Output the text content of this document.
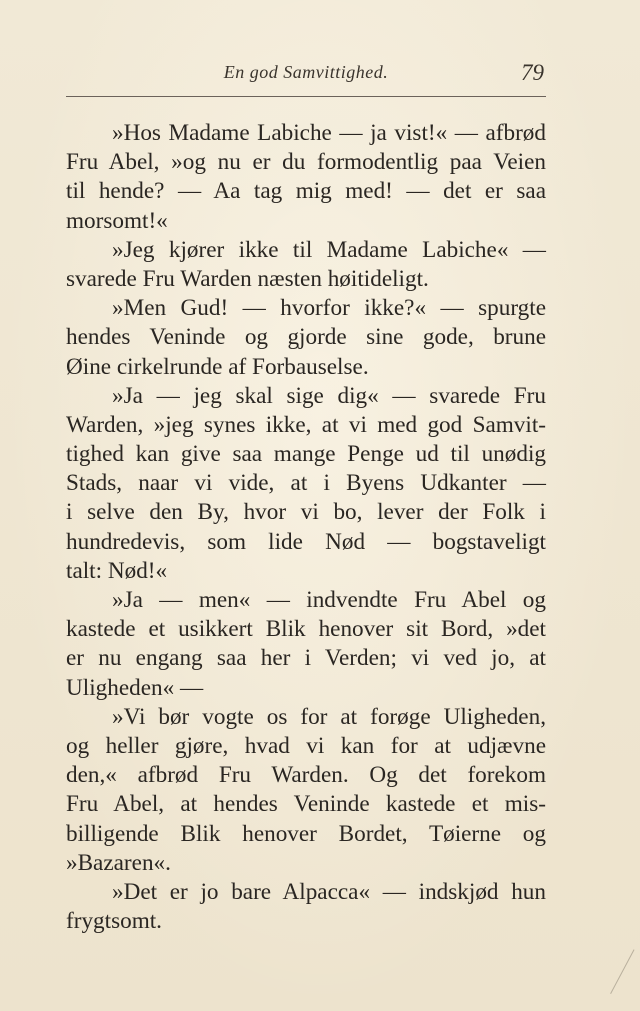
En god Samvittighed.	79
»Hos Madame Labiche — ja vist!« — afbrød
Fru Abel, »og nu er du formodentlig paa Veien
til hende? — Aa tag mig med! — det er saa
morsomt!«
»Jeg kjører ikke til Madame Labiche« —
svarede Fru Warden næsten høitideligt.
»Men Gud! — hvorfor ikke?« — spurgte
hendes Veninde og gjorde sine gode, brune
Øine cirkelrunde af Forbauselse.
»Ja — jeg skal sige dig« — svarede Fru
Warden, »jeg synes ikke, at vi med god Samvit-
tighed kan give saa mange Penge ud til unødig
Stads, naar vi vide, at i Byens Udkanter —
i selve den By, hvor vi bo, lever der Folk i
hundredevis, som lide Nød — bogstaveligt
talt: Nød!«
»Ja — men« — indvendte Fru Abel og
kastede et usikkert Blik henover sit Bord, »det
er nu engang saa her i Verden; vi ved jo, at
Uligheden« —
»Vi bør vogte os for at forøge Uligheden,
og heller gjøre, hvad vi kan for at udjævne
den,« afbrød Fru Warden. Og det forekom
Fru Abel, at hendes Veninde kastede et mis-
billigende Blik henover Bordet, Tøierne og
»Bazaren«.
»Det er jo bare Alpacca« — indskjød hun
frygtsomt.
